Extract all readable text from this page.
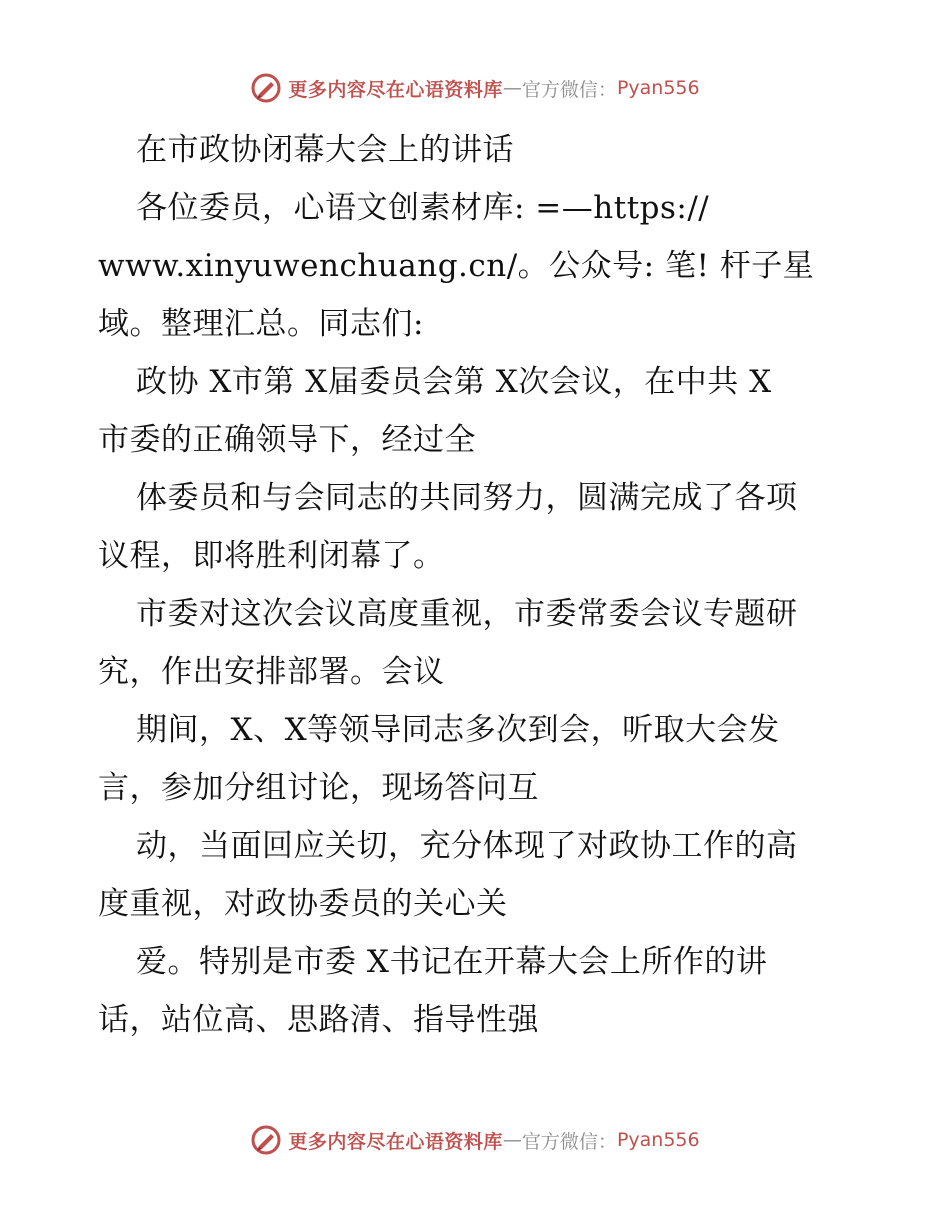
更多内容尽在心语资料库 — 官方微信： Pyan556
在市政协闭幕大会上的讲话
各位委员，心语文创素材库: =—https://
www.xinyuwenchuang.cn/。公众号: 笔! 杆子星
域。整理汇总。同志们:
政协 X市第 X届委员会第 X次会议，在中共 X
市委的正确领导下，经过全
体委员和与会同志的共同努力，圆满完成了各项
议程，即将胜利闭幕了。
市委对这次会议高度重视，市委常委会议专题研
究，作出安排部署。会议
期间，X、X等领导同志多次到会，听取大会发
言，参加分组讨论，现场答问互
动，当面回应关切，充分体现了对政协工作的高
度重视，对政协委员的关心关
爱。特别是市委 X书记在开幕大会上所作的讲
话，站位高、思路清、指导性强
更多内容尽在心语资料库 — 官方微信： Pyan556
